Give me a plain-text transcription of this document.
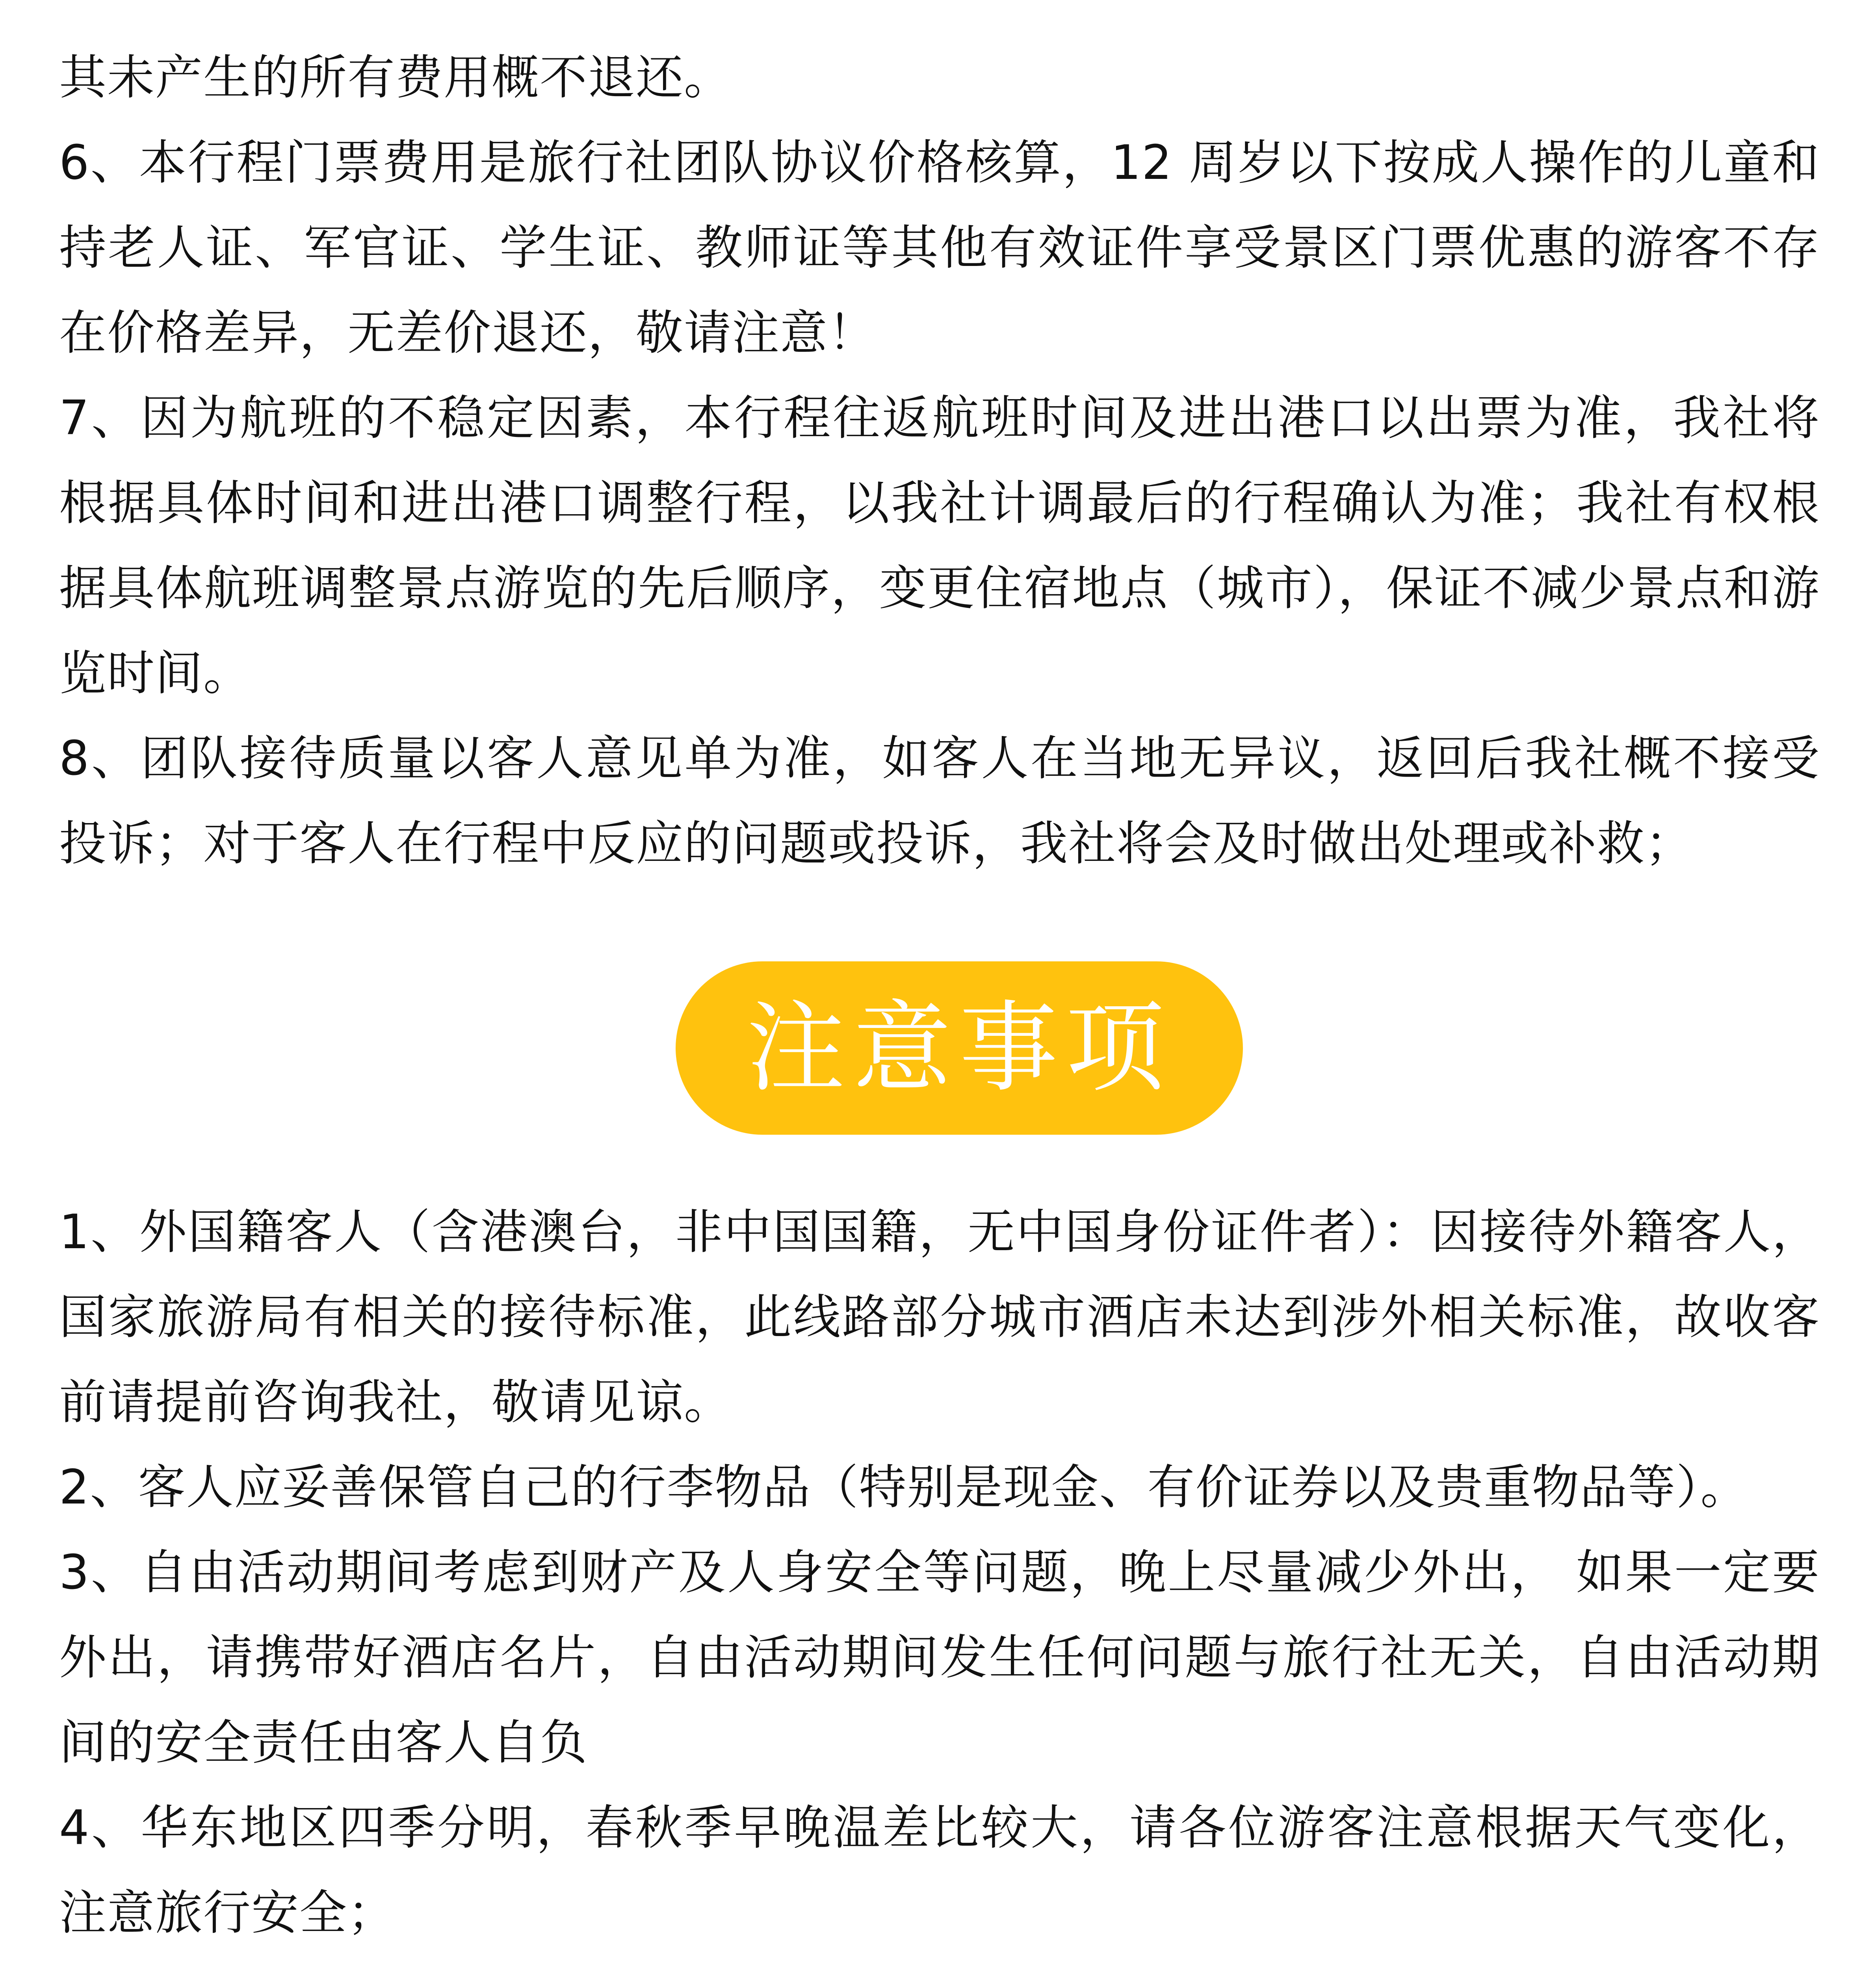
其未产生的所有费用概不退还。

6、本行程门票费用是旅行社团队协议价格核算，12 周岁以下按成人操作的儿童和持老人证、军官证、学生证、教师证等其他有效证件享受景区门票优惠的游客不存在价格差异，无差价退还，敬请注意！

7、因为航班的不稳定因素，本行程往返航班时间及进出港口以出票为准，我社将根据具体时间和进出港口调整行程，以我社计调最后的行程确认为准；我社有权根据具体航班调整景点游览的先后顺序，变更住宿地点（城市），保证不减少景点和游览时间。

8、团队接待质量以客人意见单为准，如客人在当地无异议，返回后我社概不接受投诉；对于客人在行程中反应的问题或投诉，我社将会及时做出处理或补救；

注意事项

1、外国籍客人（含港澳台，非中国国籍，无中国身份证件者）：因接待外籍客人，国家旅游局有相关的接待标准，此线路部分城市酒店未达到涉外相关标准，故收客前请提前咨询我社，敬请见谅。

2、客人应妥善保管自己的行李物品（特别是现金、有价证券以及贵重物品等）。

3、自由活动期间考虑到财产及人身安全等问题，晚上尽量减少外出， 如果一定要外出，请携带好酒店名片，自由活动期间发生任何问题与旅行社无关，自由活动期间的安全责任由客人自负

4、华东地区四季分明，春秋季早晚温差比较大，请各位游客注意根据天气变化，注意旅行安全；
